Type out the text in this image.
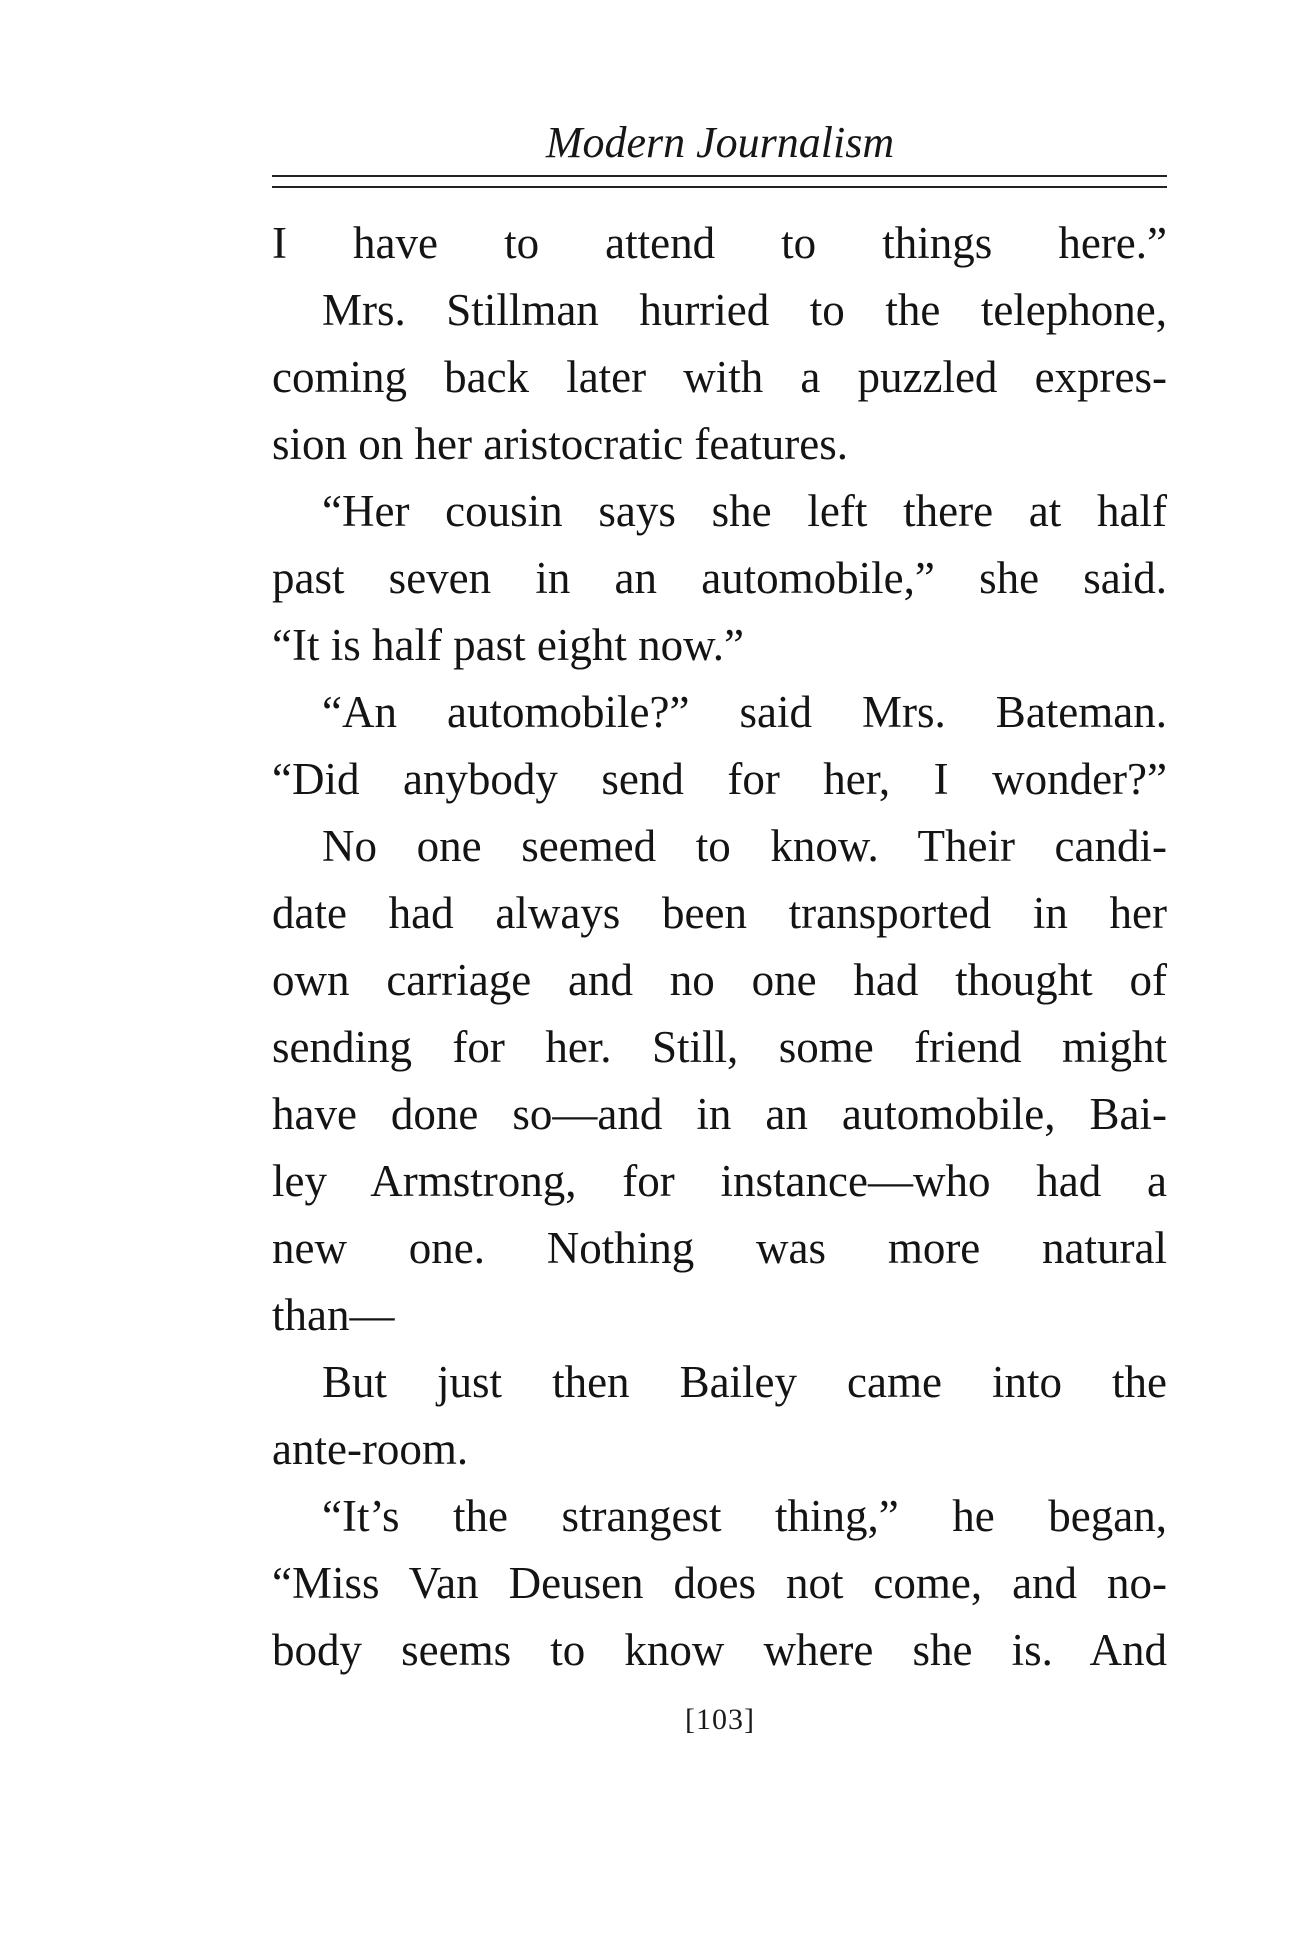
Modern Journalism
I have to attend to things here.”
Mrs. Stillman hurried to the telephone,
coming back later with a puzzled expres-
sion on her aristocratic features.
“Her cousin says she left there at half
past seven in an automobile,” she said.
“It is half past eight now.”
“An automobile?” said Mrs. Bateman.
“Did anybody send for her, I wonder?”
No one seemed to know. Their candi-
date had always been transported in her
own carriage and no one had thought of
sending for her. Still, some friend might
have done so—and in an automobile, Bai-
ley Armstrong, for instance—who had a
new one. Nothing was more natural
than—
But just then Bailey came into the
ante-room.
“It’s the strangest thing,” he began,
“Miss Van Deusen does not come, and no-
body seems to know where she is. And
[103]
